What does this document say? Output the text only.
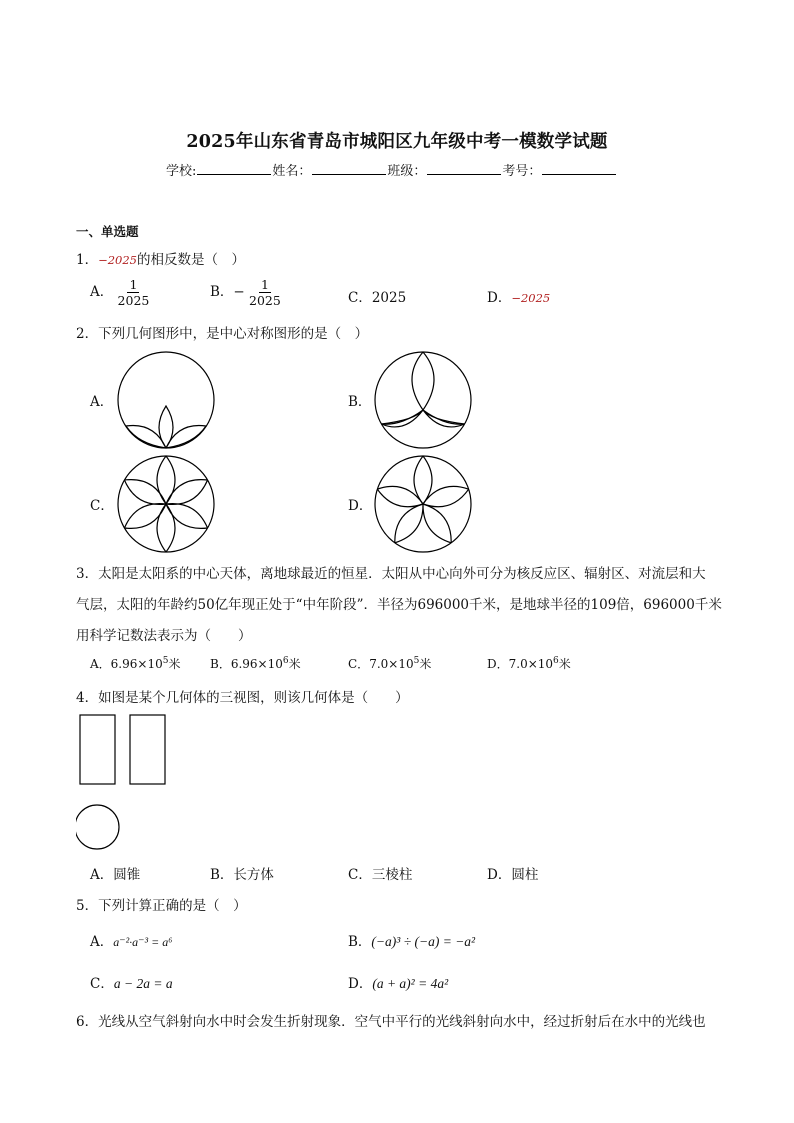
2025年山东省青岛市城阳区九年级中考一模数学试题
学校:	姓名：	班级：	考号：
一、单选题
1．−2025的相反数是（　）
A． $\frac{1}{2025}$	B．− $\frac{1}{2025}$	C．2025	D．−2025
2．下列几何图形中，是中心对称图形的是（　）
A．	B．
C．	D．
3．太阳是太阳系的中心天体，离地球最近的恒星．太阳从中心向外可分为核反应区、辐射区、对流层和大
气层，太阳的年龄约50亿年现正处于“中年阶段”．半径为696000千米，是地球半径的109倍，696000千米
用科学记数法表示为（　　）
A．$6.96\times 10^5$米 B．$6.96\times 10^6$米	C．$7.0\times 10^5$米	D．$7.0\times 10^6$米
4．如图是某个几何体的三视图，则该几何体是（　　）
A．圆锥	B．长方体	C．三棱柱	D．圆柱
5．下列计算正确的是（　）
A．a⁻²·a⁻³ = a⁶	B．(−a)³ ÷ (−a) = −a²
C．a − 2a = a	D．(a + a)² = 4a²
6．光线从空气斜射向水中时会发生折射现象．空气中平行的光线斜射向水中，经过折射后在水中的光线也
